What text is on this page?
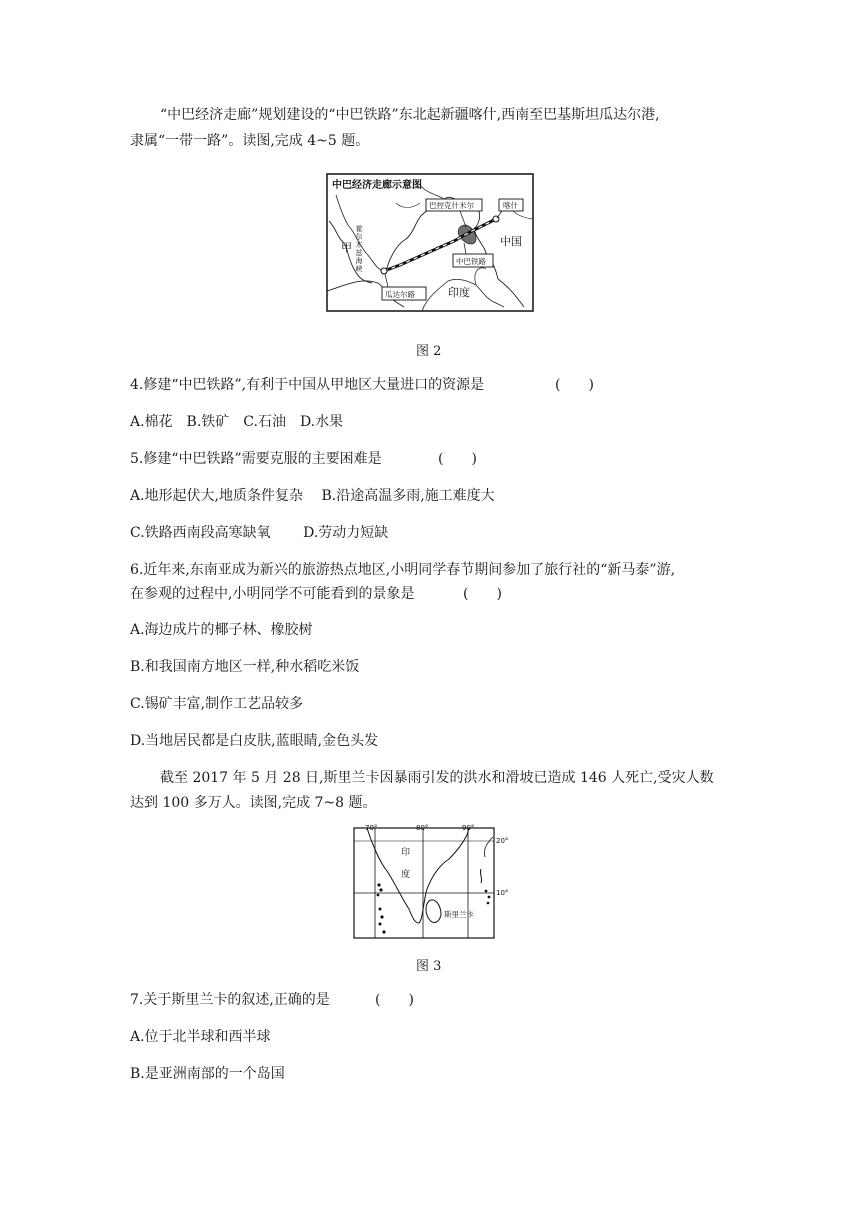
“中巴经济走廊”规划建设的“中巴铁路”东北起新疆喀什,西南至巴基斯坦瓜达尔港,
隶属“一带一路”。读图,完成 4~5 题。
中巴经济走廊示意图
巴控克什米尔	喀什
中国
中巴铁路
瓜达尔路	印度
甲 霍尔木兹海峡
图 2
4.修建“中巴铁路”,有利于中国从甲地区大量进口的资源是	(　　)
A.棉花　B.铁矿　C.石油　D.水果
5.修建“中巴铁路”需要克服的主要困难是	(　　)
A.地形起伏大,地质条件复杂　 B.沿途高温多雨,施工难度大
C.铁路西南段高寒缺氧　　 D.劳动力短缺
6.近年来,东南亚成为新兴的旅游热点地区,小明同学春节期间参加了旅行社的“新马泰”游,
在参观的过程中,小明同学不可能看到的景象是	(　　)
A.海边成片的椰子林、橡胶树
B.和我国南方地区一样,种水稻吃米饭
C.锡矿丰富,制作工艺品较多
D.当地居民都是白皮肤,蓝眼睛,金色头发
截至 2017 年 5 月 28 日,斯里兰卡因暴雨引发的洪水和滑坡已造成 146 人死亡,受灾人数
达到 100 多万人。读图,完成 7~8 题。
70°	80°	90°
20°
10°
印
度
斯里兰卡
图 3
7.关于斯里兰卡的叙述,正确的是	(　　)
A.位于北半球和西半球
B.是亚洲南部的一个岛国
